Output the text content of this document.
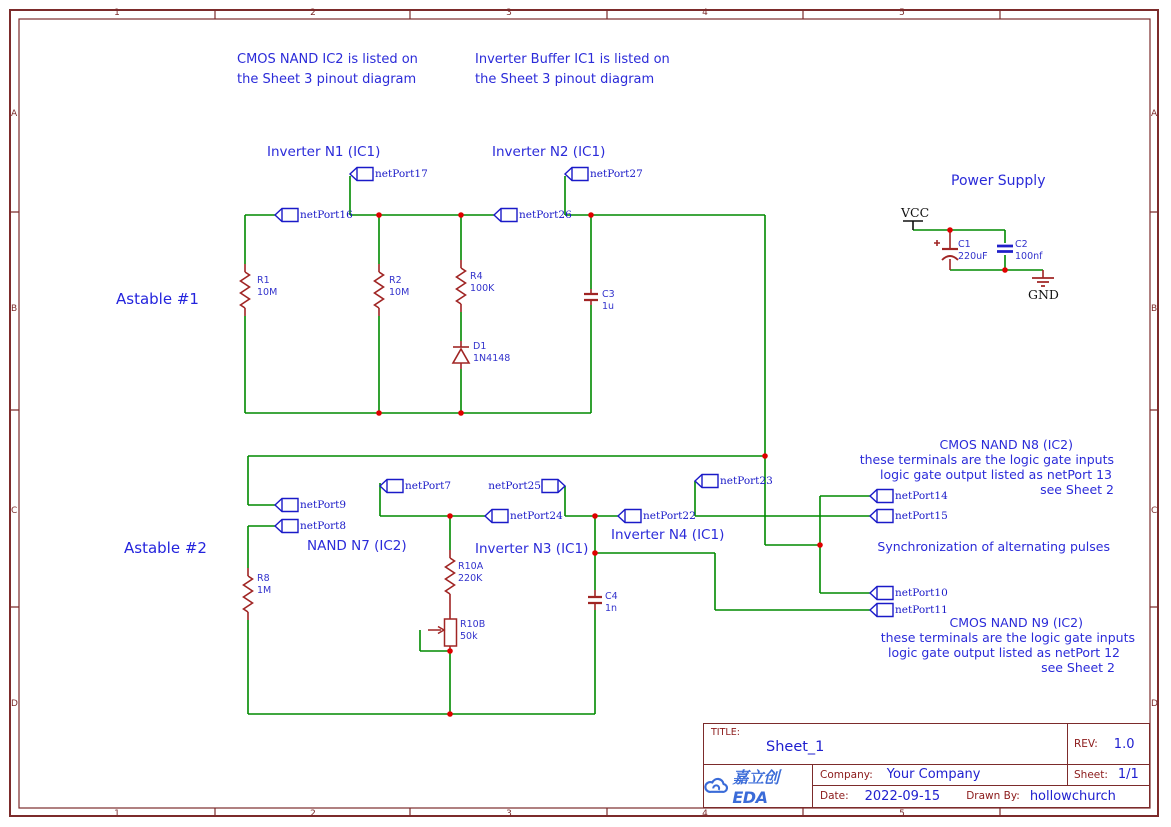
1	2	3	4	5
1	2	3	4	5
A
B
C
D
A
B
C
D
CMOS NAND IC2 is listed on
the Sheet 3 pinout diagram
Inverter Buffer IC1 is listed on
the Sheet 3 pinout diagram
Inverter N1 (IC1)	Inverter N2 (IC1)
Power Supply
Astable #1
Astable #2	NAND N7 (IC2)	Inverter N3 (IC1)
Inverter N4 (IC1)
CMOS NAND N8 (IC2)
these terminals are the logic gate inputs
logic gate output listed as netPort 13
see Sheet 2
Synchronization of alternating pulses
CMOS NAND N9 (IC2)
these terminals are the logic gate inputs
logic gate output listed as netPort 12
see Sheet 2
VCC
GND
netPort16
netPort17
netPort26
netPort27
netPort9
netPort8
netPort7
netPort24
netPort25
netPort22
netPort23
netPort14
netPort15
netPort10
netPort11
R1
10M
R2
10M
R4
100K
D1
1N4148
C3
1u
C1
220uF
C2
100nf
R8
1M
R10A
220K
R10B
50k
C4
1n
TITLE:
Sheet_1	REV: 1.0
嘉立创EDA
Company: Your Company	Sheet: 1/1
Date: 2022-09-15 Drawn By: hollowchurch
